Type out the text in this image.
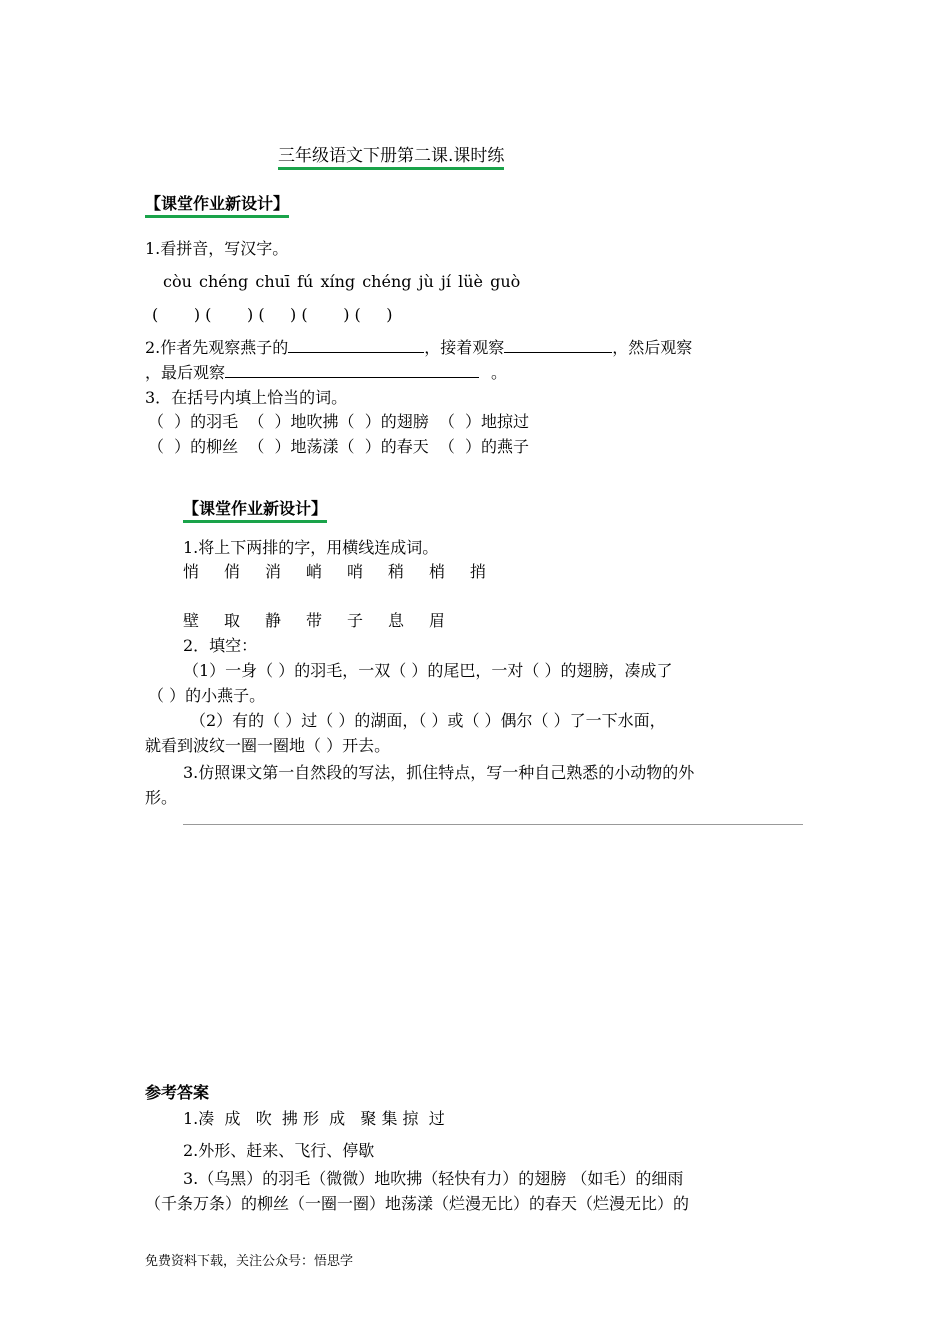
三年级语文下册第二课.课时练
【课堂作业新设计】
1.看拼音，写汉字。
còu chéng chuī fú xíng chéng jù jí lüè guò
(       ) (       ) (     ) (       ) (     )
2.作者先观察燕子的	，接着观察	，然后观察
，最后观察	。
3．在括号内填上恰当的词。
（  ）的羽毛  （  ）地吹拂（  ）的翅膀  （  ）地掠过
（  ）的柳丝  （  ）地荡漾（  ）的春天  （  ）的燕子
【课堂作业新设计】
1.将上下两排的字，用横线连成词。
悄 俏 消 峭 哨 稍 梢 捎
壁 取 静 带 子 息 眉
2．填空：
（1）一身（ ）的羽毛，一双（ ）的尾巴，一对（ ）的翅膀，凑成了
（ ）的小燕子。
（2）有的（ ）过（ ）的湖面，（ ）或（ ）偶尔（ ）了一下水面，
就看到波纹一圈一圈地（ ）开去。
3.仿照课文第一自然段的写法，抓住特点，写一种自己熟悉的小动物的外
形。
参考答案
1.凑  成   吹  拂 形  成   聚 集 掠  过
2.外形、赶来、飞行、停歇
3.（乌黑）的羽毛（微微）地吹拂（轻快有力）的翅膀 （如毛）的细雨
（千条万条）的柳丝（一圈一圈）地荡漾（烂漫无比）的春天（烂漫无比）的
免费资料下载，关注公众号：悟思学
